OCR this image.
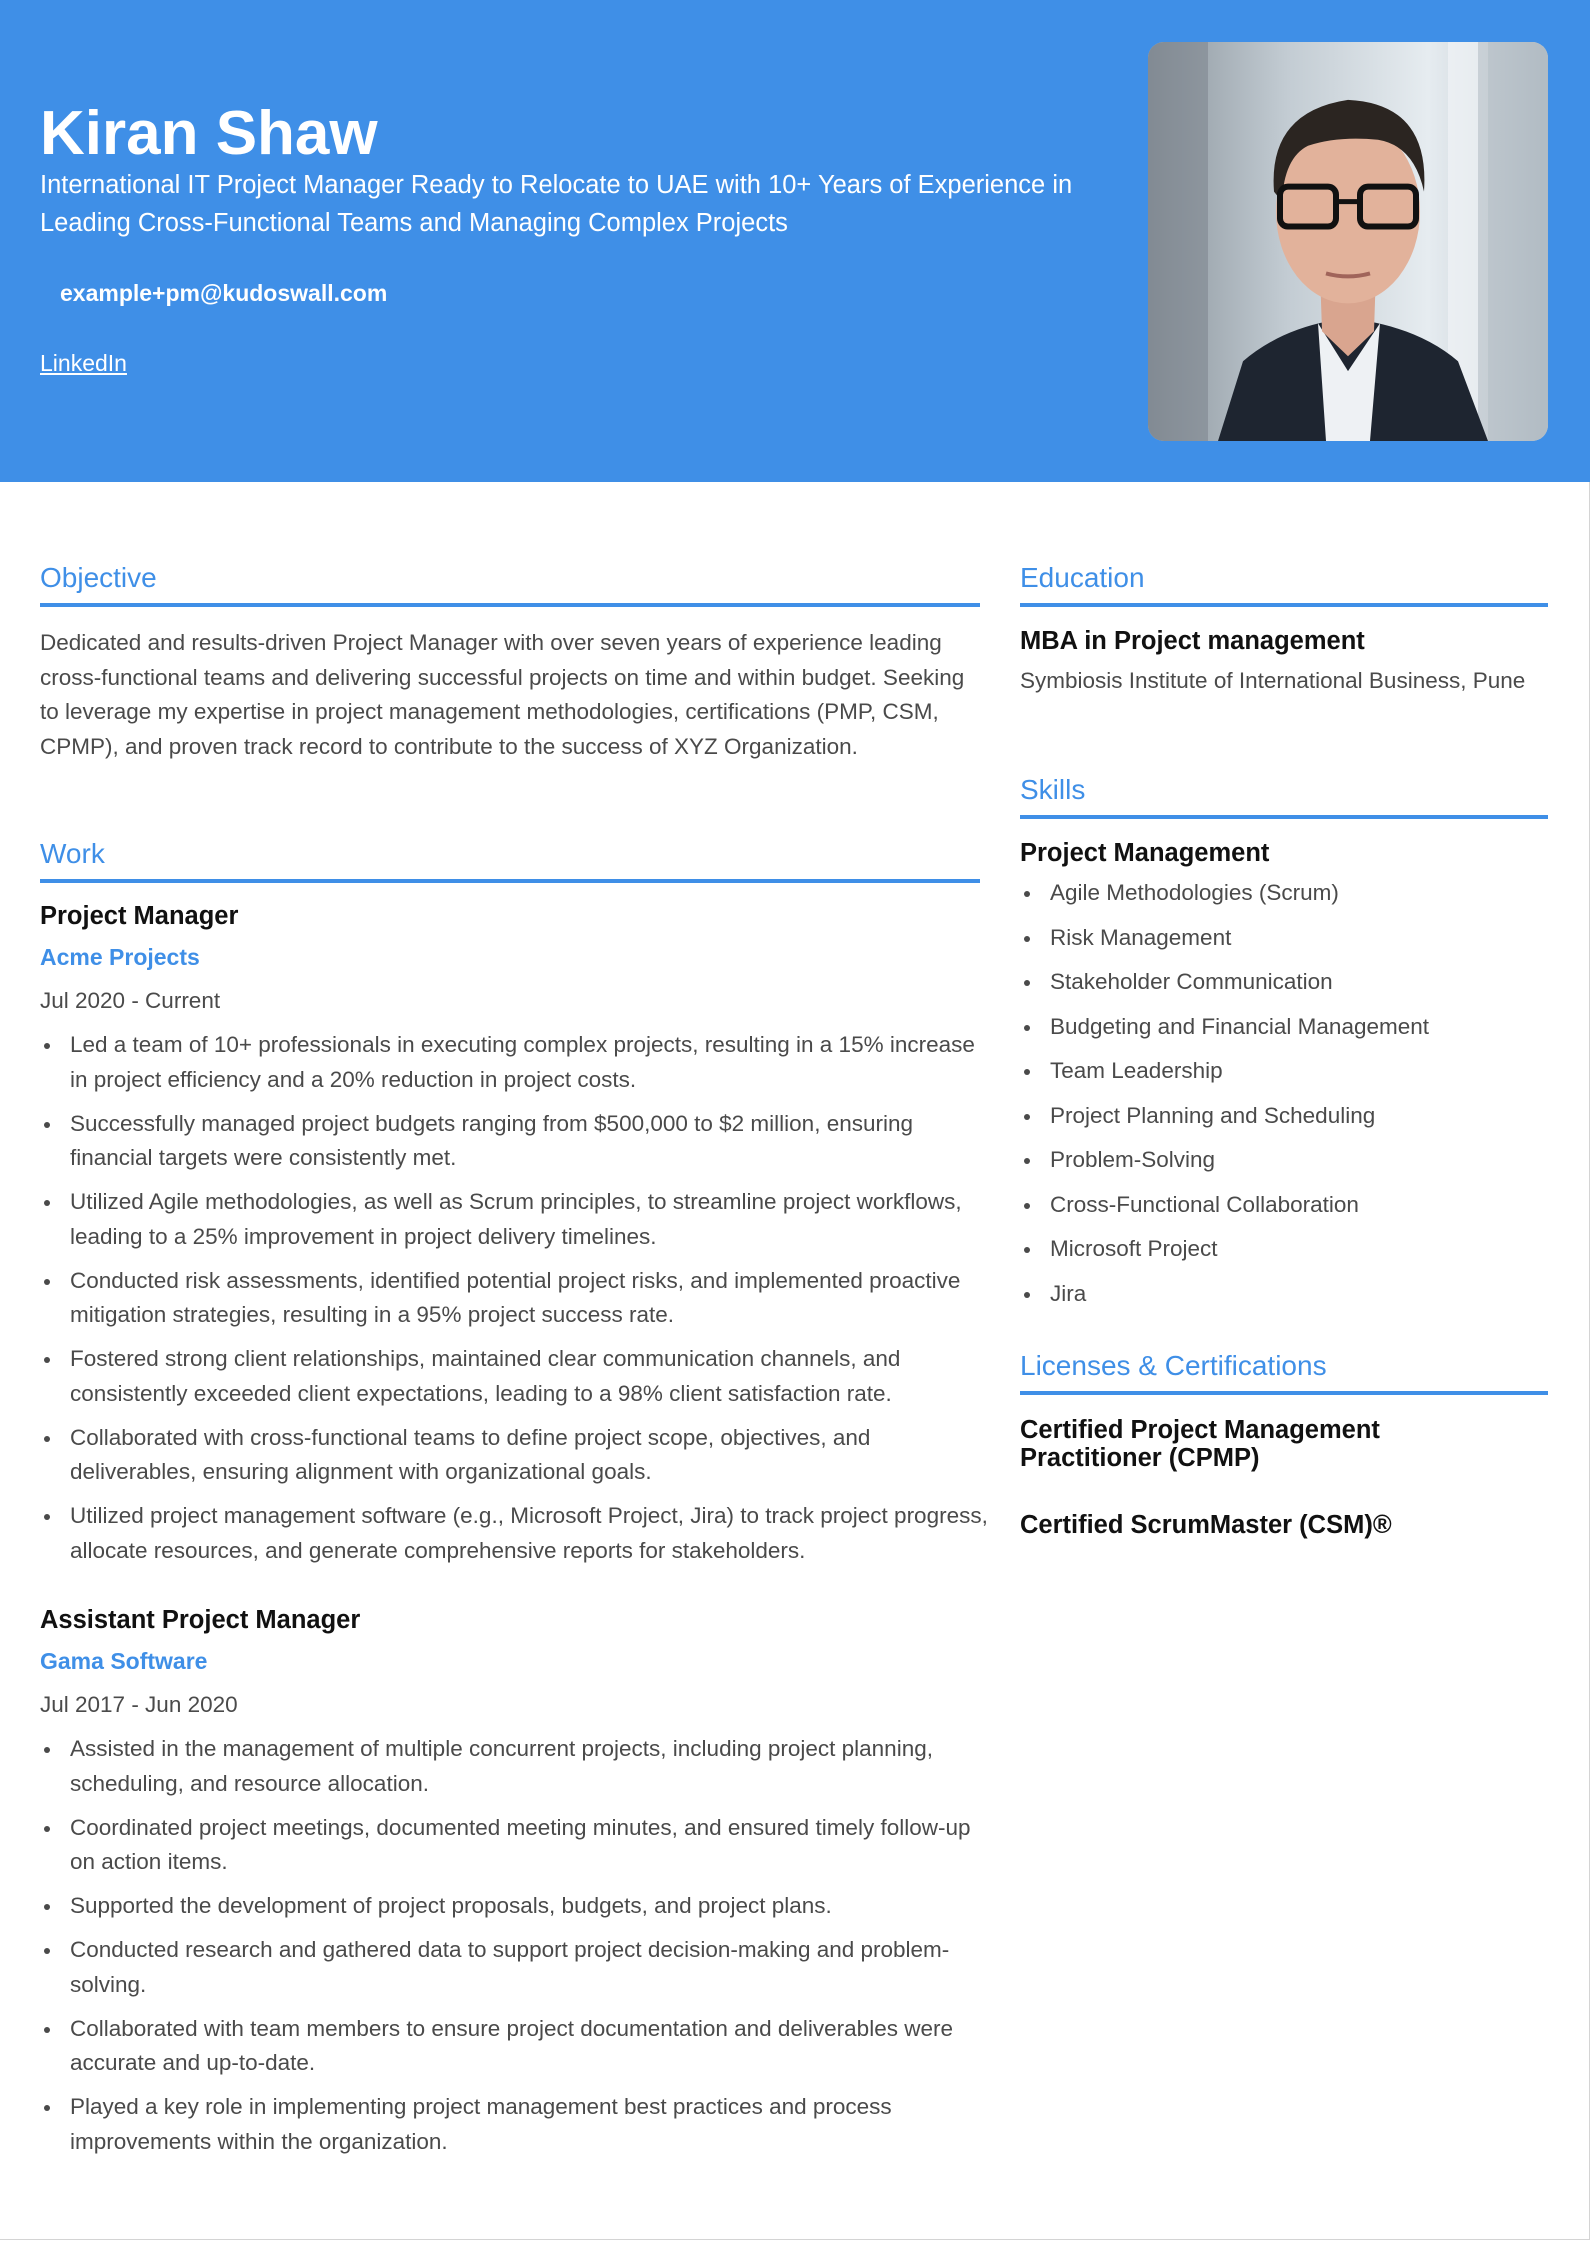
Kiran Shaw
International IT Project Manager Ready to Relocate to UAE with 10+ Years of Experience in Leading Cross-Functional Teams and Managing Complex Projects
example+pm@kudoswall.com
LinkedIn
Objective
Dedicated and results-driven Project Manager with over seven years of experience leading cross-functional teams and delivering successful projects on time and within budget. Seeking to leverage my expertise in project management methodologies, certifications (PMP, CSM, CPMP), and proven track record to contribute to the success of XYZ Organization.
Work
Project Manager
Acme Projects
Jul 2020 - Current
Led a team of 10+ professionals in executing complex projects, resulting in a 15% increase in project efficiency and a 20% reduction in project costs.
Successfully managed project budgets ranging from $500,000 to $2 million, ensuring financial targets were consistently met.
Utilized Agile methodologies, as well as Scrum principles, to streamline project workflows, leading to a 25% improvement in project delivery timelines.
Conducted risk assessments, identified potential project risks, and implemented proactive mitigation strategies, resulting in a 95% project success rate.
Fostered strong client relationships, maintained clear communication channels, and consistently exceeded client expectations, leading to a 98% client satisfaction rate.
Collaborated with cross-functional teams to define project scope, objectives, and deliverables, ensuring alignment with organizational goals.
Utilized project management software (e.g., Microsoft Project, Jira) to track project progress, allocate resources, and generate comprehensive reports for stakeholders.
Assistant Project Manager
Gama Software
Jul 2017 - Jun 2020
Assisted in the management of multiple concurrent projects, including project planning, scheduling, and resource allocation.
Coordinated project meetings, documented meeting minutes, and ensured timely follow-up on action items.
Supported the development of project proposals, budgets, and project plans.
Conducted research and gathered data to support project decision-making and problem-solving.
Collaborated with team members to ensure project documentation and deliverables were accurate and up-to-date.
Played a key role in implementing project management best practices and process improvements within the organization.
Education
MBA in Project management
Symbiosis Institute of International Business, Pune
Skills
Project Management
Agile Methodologies (Scrum)
Risk Management
Stakeholder Communication
Budgeting and Financial Management
Team Leadership
Project Planning and Scheduling
Problem-Solving
Cross-Functional Collaboration
Microsoft Project
Jira
Licenses & Certifications
Certified Project Management Practitioner (CPMP)
Certified ScrumMaster (CSM)®
